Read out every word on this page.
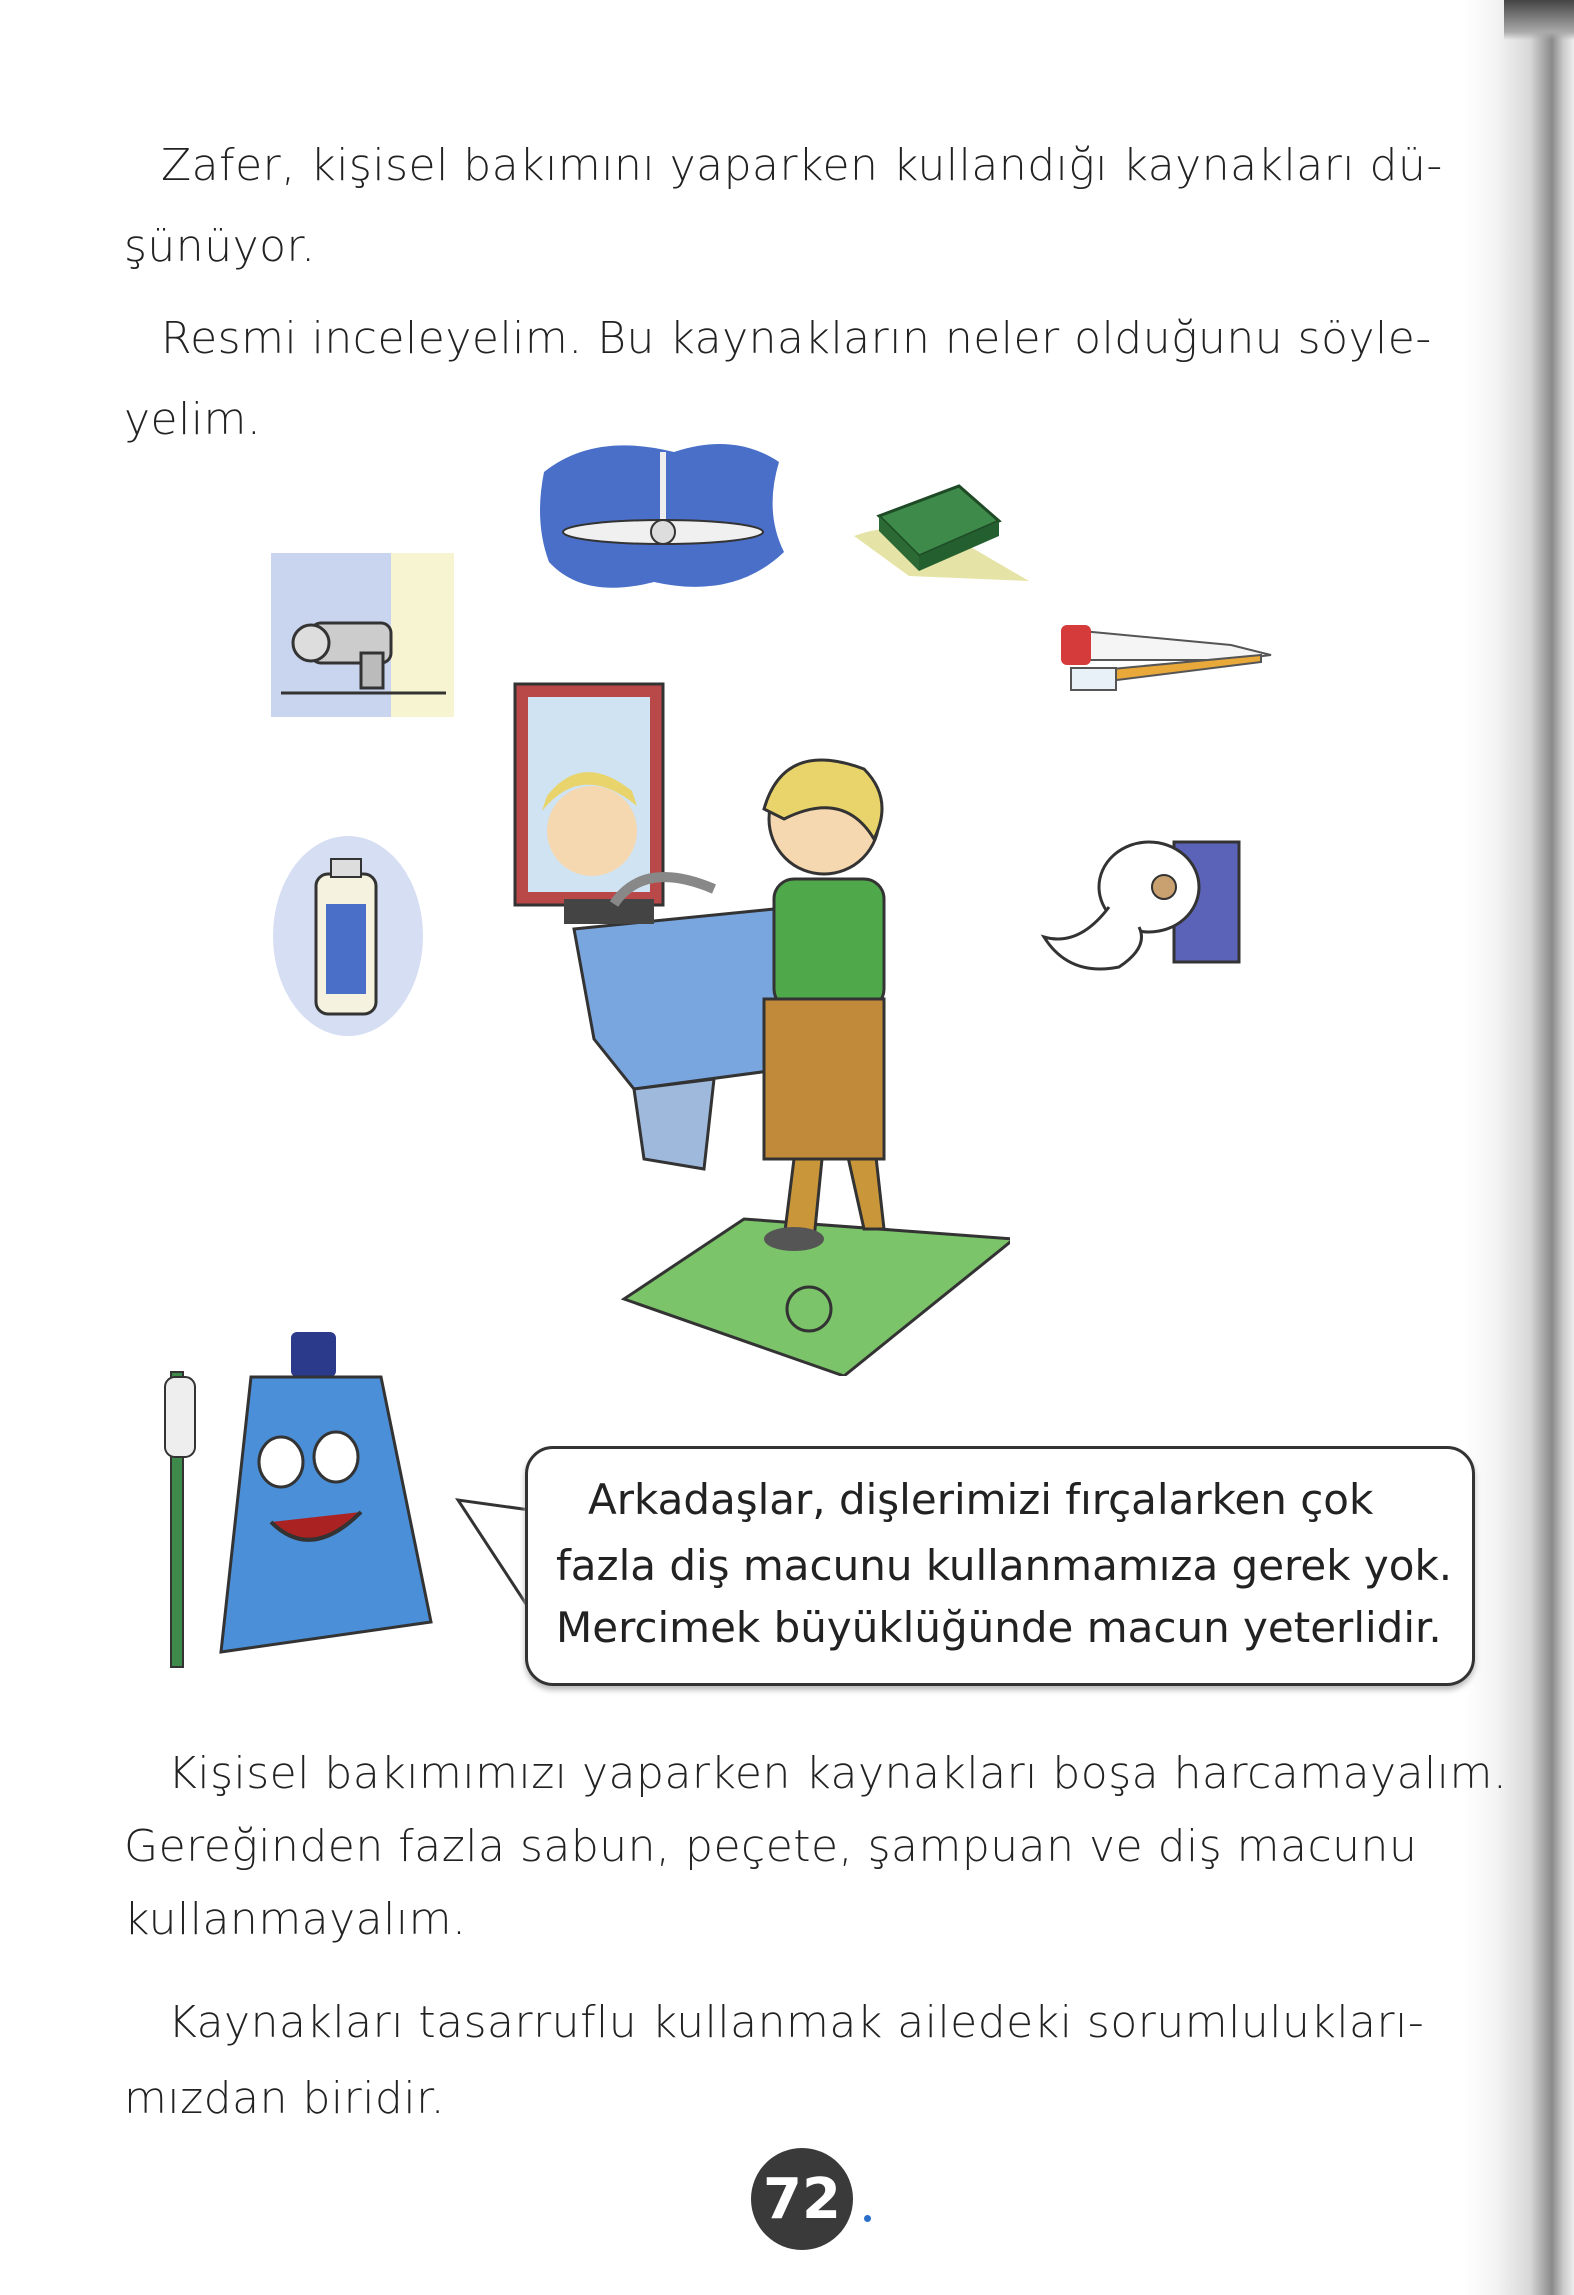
Zafer, kişisel bakımını yaparken kullandığı kaynakları dü-
şünüyor.
Resmi inceleyelim. Bu kaynakların neler olduğunu söyle-
yelim.
Arkadaşlar, dişlerimizi fırçalarken çok
fazla diş macunu kullanmamıza gerek yok.
Mercimek büyüklüğünde macun yeterlidir.
Kişisel bakımımızı yaparken kaynakları boşa harcamayalım.
Gereğinden fazla sabun, peçete, şampuan ve diş macunu
kullanmayalım.
Kaynakları tasarruflu kullanmak ailedeki sorumlulukları-
mızdan biridir.
72
